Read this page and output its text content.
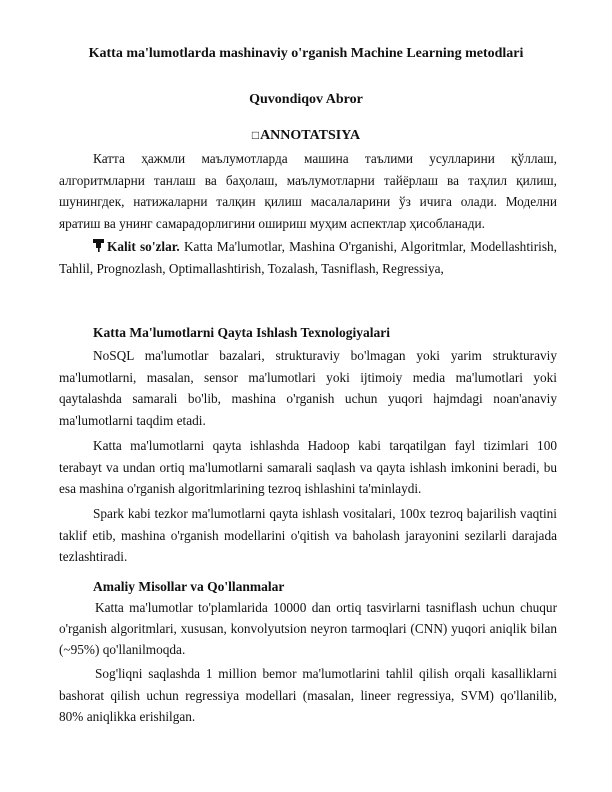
Katta ma'lumotlarda mashinaviy o'rganish Machine Learning metodlari
Quvondiqov Abror
□ANNOTATSIYA

Катта ҳажмли маълумотларда машина таълими усулларини қўллаш, алгоритмларни танлаш ва баҳолаш, маълумотларни тайёрлаш ва таҳлил қилиш, шунингдек, натижаларни талқин қилиш масалаларини ўз ичига олади. Моделни яратиш ва унинг самарадорлигини ошириш муҳим аспектлар ҳисобланади.

Kalit so'zlar. Katta Ma'lumotlar, Mashina O'rganishi, Algoritmlar, Modellashtirish, Tahlil, Prognozlash, Optimallashtirish, Tozalash, Tasniflash, Regressiya,

Katta Ma'lumotlarni Qayta Ishlash Texnologiyalari

NoSQL ma'lumotlar bazalari, strukturaviy bo'lmagan yoki yarim strukturaviy ma'lumotlarni, masalan, sensor ma'lumotlari yoki ijtimoiy media ma'lumotlari yoki qaytalashda samarali bo'lib, mashina o'rganish uchun yuqori hajmdagi noan'anaviy ma'lumotlarni taqdim etadi.

Katta ma'lumotlarni qayta ishlashda Hadoop kabi tarqatilgan fayl tizimlari 100 terabayt va undan ortiq ma'lumotlarni samarali saqlash va qayta ishlash imkonini beradi, bu esa mashina o'rganish algoritmlarining tezroq ishlashini ta'minlaydi.

Spark kabi tezkor ma'lumotlarni qayta ishlash vositalari, 100x tezroq bajarilish vaqtini taklif etib, mashina o'rganish modellarini o'qitish va baholash jarayonini sezilarli darajada tezlashtiradi.

Amaliy Misollar va Qo'llanmalar

Katta ma'lumotlar to'plamlarida 10000 dan ortiq tasvirlarni tasniflash uchun chuqur o'rganish algoritmlari, xususan, konvolyutsion neyron tarmoqlari (CNN) yuqori aniqlik bilan (~95%) qo'llanilmoqda.

Sog'liqni saqlashda 1 million bemor ma'lumotlarini tahlil qilish orqali kasalliklarni bashorat qilish uchun regressiya modellari (masalan, lineer regressiya, SVM) qo'llanilib, 80% aniqlikka erishilgan.
